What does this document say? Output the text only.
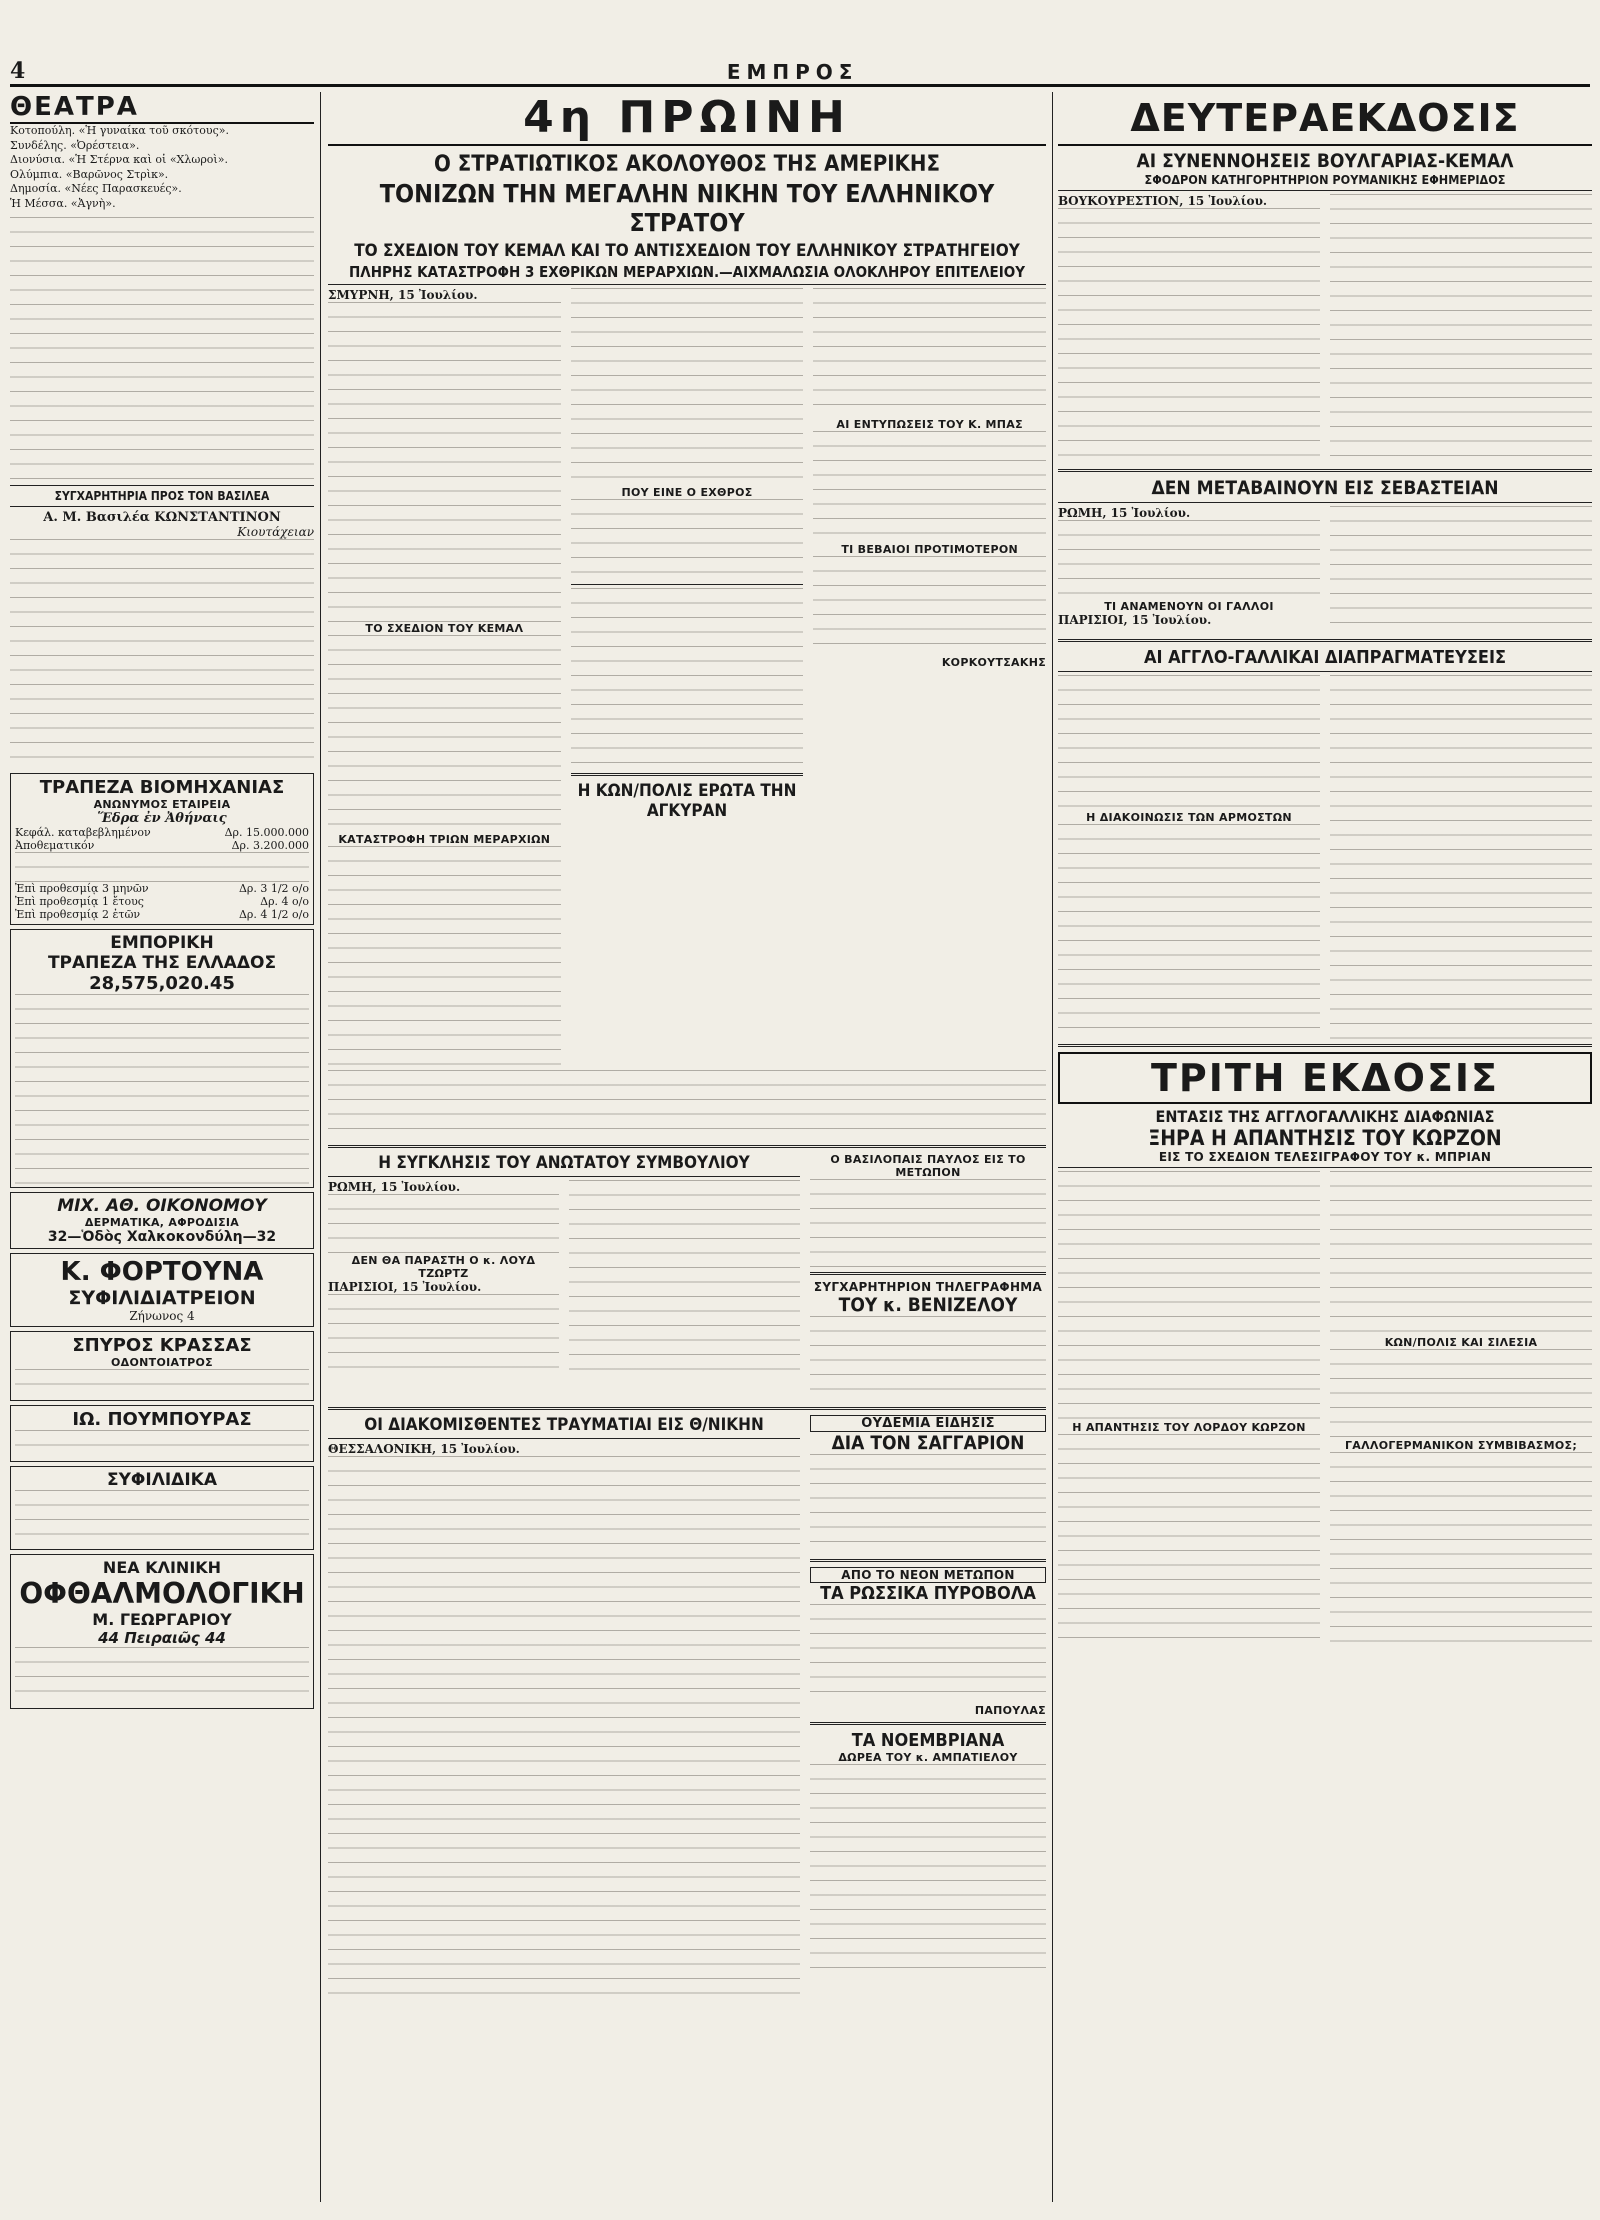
4	ΕΜΠΡΟΣ
ΘΕΑΤΡΑ
Κοτοπούλη. «Ἡ γυναίκα τοῦ σκότους».
Συνδέλης. «Ὀρέστεια».
Διονύσια. «Ἡ Στέρνα καὶ οἱ «Χλωροὶ».
Ολύμπια. «Βαρῶνος Στρὶκ».
Δημοσία. «Νέες Παρασκευές».
Ἡ Μέσσα. «Ἀγνὴ».
ΣΥΓΧΑΡΗΤΗΡΙΑ ΠΡΟΣ ΤΟΝ ΒΑΣΙΛΕΑ
Α. Μ. Βασιλέα ΚΩΝΣΤΑΝΤΙΝΟΝ
Κιουτάχειαν
ΤΡΑΠΕΖΑ ΒΙΟΜΗΧΑΝΙΑΣ
ΑΝΩΝΥΜΟΣ ΕΤΑΙΡΕΙΑ
Ἕδρα ἐν Ἀθήναις
Κεφάλ. καταβεβλημένον	Δρ. 15.000.000
Ἀποθεματικόν	Δρ. 3.200.000
Ἐπὶ προθεσμίᾳ 3 μηνῶν	Δρ. 3 1/2 ο/ο
Ἐπὶ προθεσμίᾳ 1 ἔτους	Δρ. 4 ο/ο
Ἐπὶ προθεσμίᾳ 2 ἐτῶν	Δρ. 4 1/2 ο/ο
ΕΜΠΟΡΙΚΗ
ΤΡΑΠΕΖΑ ΤΗΣ ΕΛΛΑΔΟΣ
28,575,020.45
ΜΙΧ. ΑΘ. ΟΙΚΟΝΟΜΟΥ
ΔΕΡΜΑΤΙΚΑ, ΑΦΡΟΔΙΣΙΑ
32—Ὁδὸς Χαλκοκονδύλη—32
Κ. ΦΟΡΤΟΥΝΑ
ΣΥΦΙΛΙΔΙΑΤΡΕΙΟΝ
Ζήνωνος 4
ΣΠΥΡΟΣ ΚΡΑΣΣΑΣ
ΟΔΟΝΤΟΙΑΤΡΟΣ
ΙΩ. ΠΟΥΜΠΟΥΡΑΣ
ΣΥΦΙΛΙΔΙΚΑ
ΝΕΑ ΚΛΙΝΙΚΗ
ΟΦΘΑΛΜΟΛΟΓΙΚΗ
Μ. ΓΕΩΡΓΑΡΙΟΥ
44 Πειραιῶς 44
4η ΠΡΩΙΝΗ
Ο ΣΤΡΑΤΙΩΤΙΚΟΣ ΑΚΟΛΟΥΘΟΣ ΤΗΣ ΑΜΕΡΙΚΗΣ
ΤΟΝΙΖΩΝ ΤΗΝ ΜΕΓΑΛΗΝ ΝΙΚΗΝ ΤΟΥ ΕΛΛΗΝΙΚΟΥ ΣΤΡΑΤΟΥ
ΤΟ ΣΧΕΔΙΟΝ ΤΟΥ ΚΕΜΑΛ ΚΑΙ ΤΟ ΑΝΤΙΣΧΕΔΙΟΝ ΤΟΥ ΕΛΛΗΝΙΚΟΥ ΣΤΡΑΤΗΓΕΙΟΥ
ΠΛΗΡΗΣ ΚΑΤΑΣΤΡΟΦΗ 3 ΕΧΘΡΙΚΩΝ ΜΕΡΑΡΧΙΩΝ.—ΑΙΧΜΑΛΩΣΙΑ ΟΛΟΚΛΗΡΟΥ ΕΠΙΤΕΛΕΙΟΥ
ΣΜΥΡΝΗ, 15 Ἰουλίου.
ΤΟ ΣΧΕΔΙΟΝ ΤΟΥ ΚΕΜΑΛ
ΚΑΤΑΣΤΡΟΦΗ ΤΡΙΩΝ ΜΕΡΑΡΧΙΩΝ
ΠΟΥ ΕΙΝΕ Ο ΕΧΘΡΟΣ
Η ΚΩΝ/ΠΟΛΙΣ ΕΡΩΤΑ ΤΗΝ ΑΓΚΥΡΑΝ
ΑΙ ΕΝΤΥΠΩΣΕΙΣ ΤΟΥ Κ. ΜΠΑΣ
ΤΙ ΒΕΒΑΙΟΙ ΠΡΟΤΙΜΟΤΕΡΟΝ
ΚΟΡΚΟΥΤΣΑΚΗΣ
Η ΣΥΓΚΛΗΣΙΣ ΤΟΥ ΑΝΩΤΑΤΟΥ ΣΥΜΒΟΥΛΙΟΥ
ΡΩΜΗ, 15 Ἰουλίου.
ΔΕΝ ΘΑ ΠΑΡΑΣΤΗ Ο κ. ΛΟΥΔ ΤΖΩΡΤΖ
ΠΑΡΙΣΙΟΙ, 15 Ἰουλίου.
Ο ΒΑΣΙΛΟΠΑΙΣ ΠΑΥΛΟΣ ΕΙΣ ΤΟ ΜΕΤΩΠΟΝ
ΣΥΓΧΑΡΗΤΗΡΙΟΝ ΤΗΛΕΓΡΑΦΗΜΑ
ΤΟΥ κ. ΒΕΝΙΖΕΛΟΥ
ΟΙ ΔΙΑΚΟΜΙΣΘΕΝΤΕΣ ΤΡΑΥΜΑΤΙΑΙ ΕΙΣ Θ/ΝΙΚΗΝ
ΘΕΣΣΑΛΟΝΙΚΗ, 15 Ἰουλίου.
ΟΥΔΕΜΙΑ ΕΙΔΗΣΙΣ
ΔΙΑ ΤΟΝ ΣΑΓΓΑΡΙΟΝ
ΑΠΟ ΤΟ ΝΕΟΝ ΜΕΤΩΠΟΝ
ΤΑ ΡΩΣΣΙΚΑ ΠΥΡΟΒΟΛΑ
ΠΑΠΟΥΛΑΣ
ΤΑ ΝΟΕΜΒΡΙΑΝΑ
ΔΩΡΕΑ ΤΟΥ κ. ΑΜΠΑΤΙΕΛΟΥ
ΔΕΥΤΕΡΑΕΚΔΟΣΙΣ
ΑΙ ΣΥΝΕΝΝΟΗΣΕΙΣ ΒΟΥΛΓΑΡΙΑΣ-ΚΕΜΑΛ
ΣΦΟΔΡΟΝ ΚΑΤΗΓΟΡΗΤΗΡΙΟΝ ΡΟΥΜΑΝΙΚΗΣ ΕΦΗΜΕΡΙΔΟΣ
ΒΟΥΚΟΥΡΕΣΤΙΟΝ, 15 Ἰουλίου.
ΔΕΝ ΜΕΤΑΒΑΙΝΟΥΝ ΕΙΣ ΣΕΒΑΣΤΕΙΑΝ
ΡΩΜΗ, 15 Ἰουλίου.
ΤΙ ΑΝΑΜΕΝΟΥΝ ΟΙ ΓΑΛΛΟΙ
ΠΑΡΙΣΙΟΙ, 15 Ἰουλίου.
ΑΙ ΑΓΓΛΟ-ΓΑΛΛΙΚΑΙ ΔΙΑΠΡΑΓΜΑΤΕΥΣΕΙΣ
Η ΔΙΑΚΟΙΝΩΣΙΣ ΤΩΝ ΑΡΜΟΣΤΩΝ
ΤΡΙΤΗ ΕΚΔΟΣΙΣ
ΕΝΤΑΣΙΣ ΤΗΣ ΑΓΓΛΟΓΑΛΛΙΚΗΣ ΔΙΑΦΩΝΙΑΣ
ΞΗΡΑ Η ΑΠΑΝΤΗΣΙΣ ΤΟΥ ΚΩΡΖΟΝ
ΕΙΣ ΤΟ ΣΧΕΔΙΟΝ ΤΕΛΕΣΙΓΡΑΦΟΥ ΤΟΥ κ. ΜΠΡΙΑΝ
Η ΑΠΑΝΤΗΣΙΣ ΤΟΥ ΛΟΡΔΟΥ ΚΩΡΖΟΝ
ΚΩΝ/ΠΟΛΙΣ ΚΑΙ ΣΙΛΕΣΙΑ
ΓΑΛΛΟΓΕΡΜΑΝΙΚΟΝ ΣΥΜΒΙΒΑΣΜΟΣ;
